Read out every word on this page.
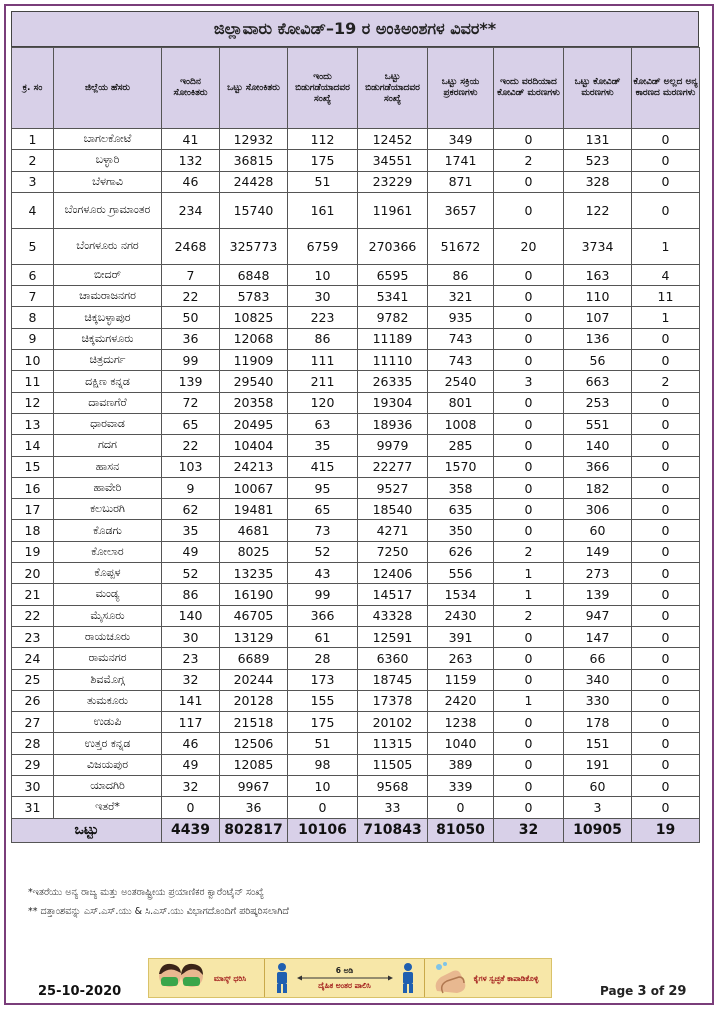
ಜಿಲ್ಲಾವಾರು ಕೋವಿಡ್–19 ರ ಅಂಕಿಅಂಶಗಳ ವಿವರ**
ಕ್ರ. ಸಂ	ಜಿಲ್ಲೆಯ ಹೆಸರು	ಇಂದಿನ ಸೋಂಕಿತರು	ಒಟ್ಟು ಸೋಂಕಿತರು	ಇಂದು ಬಿಡುಗಡೆಯಾದವರ ಸಂಖ್ಯೆ	ಒಟ್ಟು ಬಿಡುಗಡೆಯಾದವರ ಸಂಖ್ಯೆ	ಒಟ್ಟು ಸಕ್ರಿಯ ಪ್ರಕರಣಗಳು	ಇಂದು ವರದಿಯಾದ ಕೋವಿಡ್ ಮರಣಗಳು	ಒಟ್ಟು ಕೋವಿಡ್ ಮರಣಗಳು	ಕೋವಿಡ್ ಅಲ್ಲದ ಅನ್ಯ ಕಾರಣದ ಮರಣಗಳು
1	ಬಾಗಲಕೋಟೆ	41	12932	112	12452	349	0	131	0
2	ಬಳ್ಳಾರಿ	132	36815	175	34551	1741	2	523	0
3	ಬೆಳಗಾವಿ	46	24428	51	23229	871	0	328	0
4	ಬೆಂಗಳೂರು ಗ್ರಾಮಾಂತರ	234	15740	161	11961	3657	0	122	0
5	ಬೆಂಗಳೂರು ನಗರ	2468	325773	6759	270366	51672	20	3734	1
6	ಬೀದರ್	7	6848	10	6595	86	0	163	4
7	ಚಾಮರಾಜನಗರ	22	5783	30	5341	321	0	110	11
8	ಚಿಕ್ಕಬಳ್ಳಾಪುರ	50	10825	223	9782	935	0	107	1
9	ಚಿಕ್ಕಮಗಳೂರು	36	12068	86	11189	743	0	136	0
10	ಚಿತ್ರದುರ್ಗ	99	11909	111	11110	743	0	56	0
11	ದಕ್ಷಿಣ ಕನ್ನಡ	139	29540	211	26335	2540	3	663	2
12	ದಾವಣಗೆರೆ	72	20358	120	19304	801	0	253	0
13	ಧಾರವಾಡ	65	20495	63	18936	1008	0	551	0
14	ಗದಗ	22	10404	35	9979	285	0	140	0
15	ಹಾಸನ	103	24213	415	22277	1570	0	366	0
16	ಹಾವೇರಿ	9	10067	95	9527	358	0	182	0
17	ಕಲಬುರಗಿ	62	19481	65	18540	635	0	306	0
18	ಕೊಡಗು	35	4681	73	4271	350	0	60	0
19	ಕೋಲಾರ	49	8025	52	7250	626	2	149	0
20	ಕೊಪ್ಪಳ	52	13235	43	12406	556	1	273	0
21	ಮಂಡ್ಯ	86	16190	99	14517	1534	1	139	0
22	ಮೈಸೂರು	140	46705	366	43328	2430	2	947	0
23	ರಾಯಚೂರು	30	13129	61	12591	391	0	147	0
24	ರಾಮನಗರ	23	6689	28	6360	263	0	66	0
25	ಶಿವಮೊಗ್ಗ	32	20244	173	18745	1159	0	340	0
26	ತುಮಕೂರು	141	20128	155	17378	2420	1	330	0
27	ಉಡುಪಿ	117	21518	175	20102	1238	0	178	0
28	ಉತ್ತರ ಕನ್ನಡ	46	12506	51	11315	1040	0	151	0
29	ವಿಜಯಪುರ	49	12085	98	11505	389	0	191	0
30	ಯಾದಗಿರಿ	32	9967	10	9568	339	0	60	0
31	ಇತರೆ*	0	36	0	33	0	0	3	0
ಒಟ್ಟು		4439	802817	10106	710843	81050	32	10905	19
*ಇತರೆಯು ಅನ್ಯ ರಾಜ್ಯ ಮತ್ತು ಅಂತರಾಷ್ಟ್ರೀಯ ಪ್ರಯಾಣಿಕರ ಕ್ವಾರೆಂಟೈನ್ ಸಂಖ್ಯೆ
** ದತ್ತಾಂಶವನ್ನು ಎಸ್.ಎಸ್.ಯು & ಸಿ.ಎಸ್.ಯು ವಿಭಾಗದೊಂದಿಗೆ ಪರಿಷ್ಕರಿಸಲಾಗಿದೆ
ಮಾಸ್ಕ್ ಧರಿಸಿ
6 ಅಡಿ
ದೈಹಿಕ ಅಂತರ ಪಾಲಿಸಿ
ಕೈಗಳ ಸ್ವಚ್ಛತೆ ಕಾಪಾಡಿಕೊಳ್ಳಿ
25-10-2020	Page 3 of 29
